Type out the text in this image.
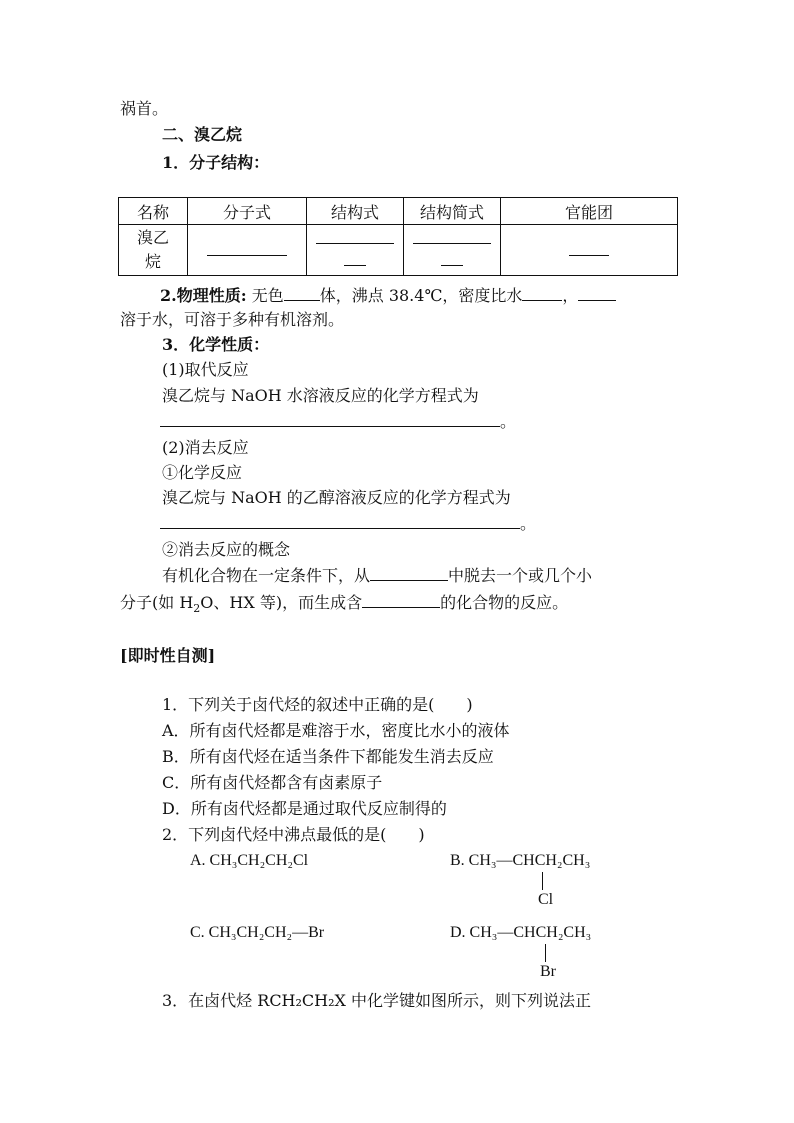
祸首。
二、溴乙烷
1．分子结构：
名称	分子式	结构式	结构简式	官能团
溴乙烷		

2.物理性质: 无色 体，沸点 38.4℃，密度比水	，
溶于水，可溶于多种有机溶剂。
3．化学性质：
(1)取代反应
溴乙烷与 NaOH 水溶液反应的化学方程式为
。
(2)消去反应
①化学反应
溴乙烷与 NaOH 的乙醇溶液反应的化学方程式为
。
②消去反应的概念
有机化合物在一定条件下，从	中脱去一个或几个小
分子(如 $H_2O$、HX 等)，而生成含	的化合物的反应。
[即时性自测]
1．下列关于卤代烃的叙述中正确的是(　　)
A．所有卤代烃都是难溶于水，密度比水小的液体
B．所有卤代烃在适当条件下都能发生消去反应
C．所有卤代烃都含有卤素原子
D．所有卤代烃都是通过取代反应制得的
2．下列卤代烃中沸点最低的是(　　)
A. CH₃CH₂CH₂Cl	B. CH₃—CHCH₂CH₃
Cl
C. CH₃CH₂CH₂—Br	D. CH₃—CHCH₂CH₃
Br
3．在卤代烃 RCH₂CH₂X 中化学键如图所示，则下列说法正
